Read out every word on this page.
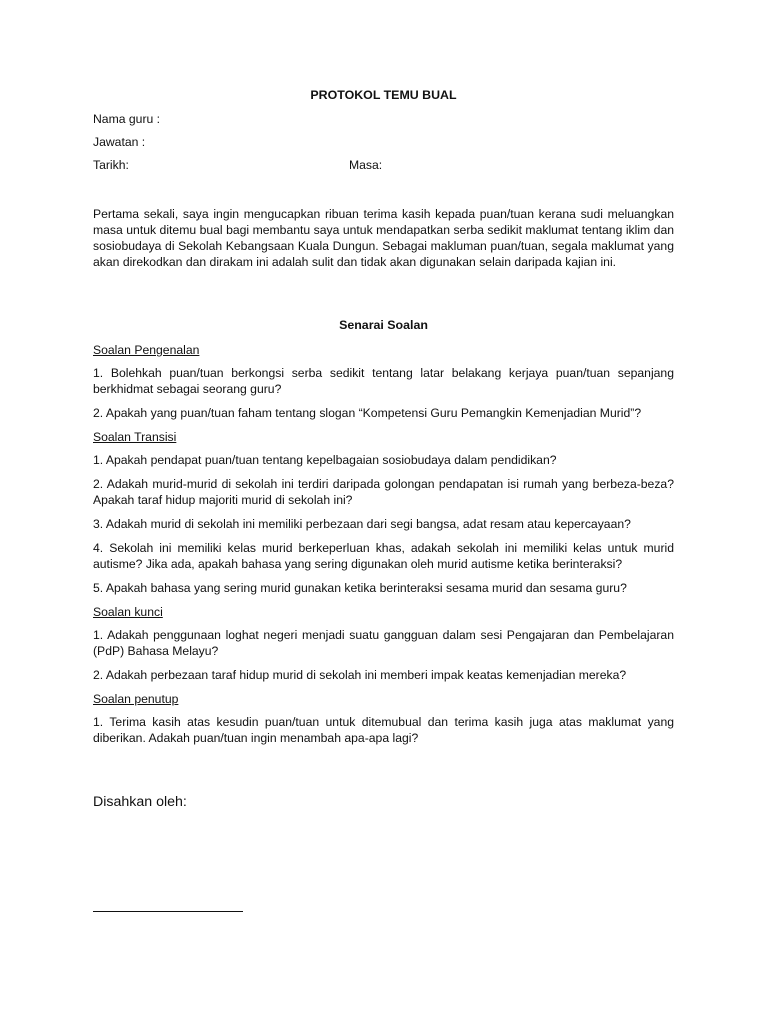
PROTOKOL TEMU BUAL

Nama guru :

Jawatan :

Tarikh:	Masa:

Pertama sekali, saya ingin mengucapkan ribuan terima kasih kepada puan/tuan kerana sudi meluangkan masa untuk ditemu bual bagi membantu saya untuk mendapatkan serba sedikit maklumat tentang iklim dan sosiobudaya di Sekolah Kebangsaan Kuala Dungun. Sebagai makluman puan/tuan, segala maklumat yang akan direkodkan dan dirakam ini adalah sulit dan tidak akan digunakan selain daripada kajian ini.

Senarai Soalan

Soalan Pengenalan

1. Bolehkah puan/tuan berkongsi serba sedikit tentang latar belakang kerjaya puan/tuan sepanjang berkhidmat sebagai seorang guru?

2. Apakah yang puan/tuan faham tentang slogan “Kompetensi Guru Pemangkin Kemenjadian Murid”?

Soalan Transisi

1. Apakah pendapat puan/tuan tentang kepelbagaian sosiobudaya dalam pendidikan?

2. Adakah murid-murid di sekolah ini terdiri daripada golongan pendapatan isi rumah yang berbeza-beza? Apakah taraf hidup majoriti murid di sekolah ini?

3. Adakah murid di sekolah ini memiliki perbezaan dari segi bangsa, adat resam atau kepercayaan?

4. Sekolah ini memiliki kelas murid berkeperluan khas, adakah sekolah ini memiliki kelas untuk murid autisme? Jika ada, apakah bahasa yang sering digunakan oleh murid autisme ketika berinteraksi?

5. Apakah bahasa yang sering murid gunakan ketika berinteraksi sesama murid dan sesama guru?

Soalan kunci

1. Adakah penggunaan loghat negeri menjadi suatu gangguan dalam sesi Pengajaran dan Pembelajaran (PdP) Bahasa Melayu?

2. Adakah perbezaan taraf hidup murid di sekolah ini memberi impak keatas kemenjadian mereka?

Soalan penutup

1. Terima kasih atas kesudin puan/tuan untuk ditemubual dan terima kasih juga atas maklumat yang diberikan. Adakah puan/tuan ingin menambah apa-apa lagi?

Disahkan oleh:
